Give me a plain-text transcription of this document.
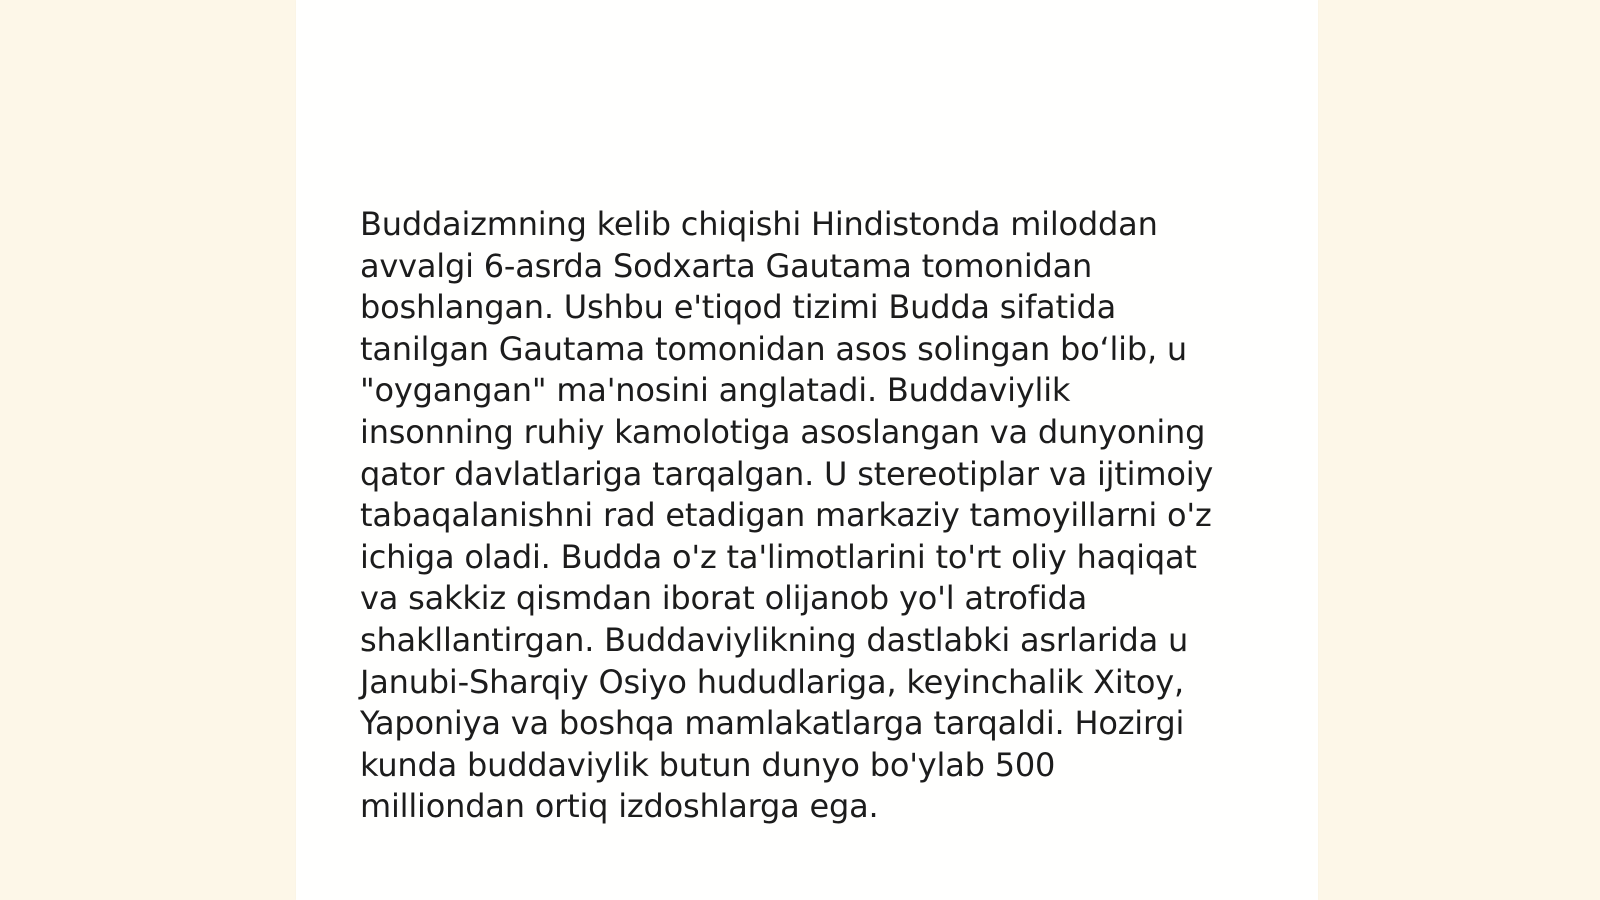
Buddaizmning kelib chiqishi Hindistonda miloddan
avvalgi 6-asrda Sodxarta Gautama tomonidan
boshlangan. Ushbu e'tiqod tizimi Budda sifatida
tanilgan Gautama tomonidan asos solingan boʻlib, u
"oygangan" ma'nosini anglatadi. Buddaviylik
insonning ruhiy kamolotiga asoslangan va dunyoning
qator davlatlariga tarqalgan. U stereotiplar va ijtimoiy
tabaqalanishni rad etadigan markaziy tamoyillarni o'z
ichiga oladi. Budda o'z ta'limotlarini to'rt oliy haqiqat
va sakkiz qismdan iborat olijanob yo'l atrofida
shakllantirgan. Buddaviylikning dastlabki asrlarida u
Janubi-Sharqiy Osiyo hududlariga, keyinchalik Xitoy,
Yaponiya va boshqa mamlakatlarga tarqaldi. Hozirgi
kunda buddaviylik butun dunyo bo'ylab 500
milliondan ortiq izdoshlarga ega.
